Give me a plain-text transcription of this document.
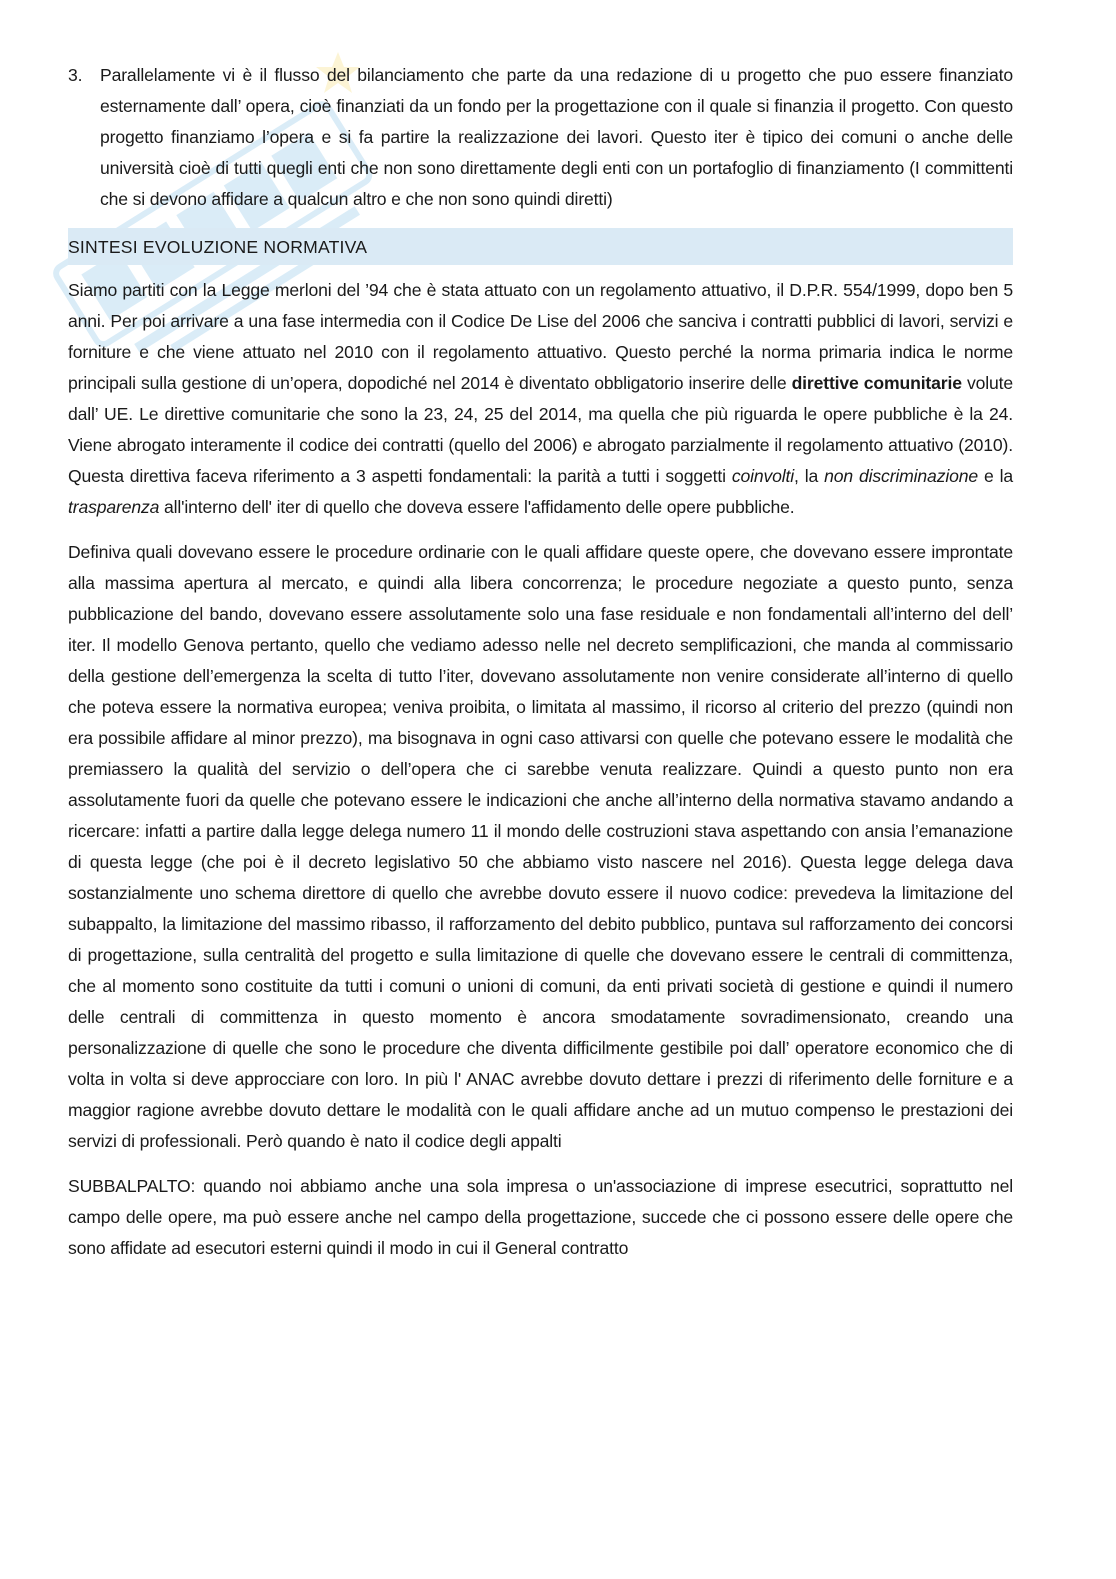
3.	Parallelamente vi è il flusso del bilanciamento che parte da una redazione di u progetto che puo essere finanziato esternamente dall’ opera, cioè finanziati da un fondo per la progettazione con il quale si finanzia il progetto. Con questo progetto finanziamo l’opera e si fa partire la realizzazione dei lavori. Questo iter è tipico dei comuni o anche delle università cioè di tutti quegli enti che non sono direttamente degli enti con un portafoglio di finanziamento (I committenti che si devono affidare a qualcun altro e che non sono quindi diretti)
SINTESI EVOLUZIONE NORMATIVA

Siamo partiti con la Legge merloni del ’94 che è stata attuato con un regolamento attuativo, il D.P.R. 554/1999, dopo ben 5 anni. Per poi arrivare a una fase intermedia con il Codice De Lise del 2006 che sanciva i contratti pubblici di lavori, servizi e forniture e che viene attuato nel 2010 con il regolamento attuativo. Questo perché la norma primaria indica le norme principali sulla gestione di un’opera, dopodiché nel 2014 è diventato obbligatorio inserire delle direttive comunitarie volute dall’ UE. Le direttive comunitarie che sono la 23, 24, 25 del 2014, ma quella che più riguarda le opere pubbliche è la 24. Viene abrogato interamente il codice dei contratti (quello del 2006) e abrogato parzialmente il regolamento attuativo (2010). Questa direttiva faceva riferimento a 3 aspetti fondamentali: la parità a tutti i soggetti coinvolti, la non discriminazione e la trasparenza all'interno dell' iter di quello che doveva essere l'affidamento delle opere pubbliche.

Definiva quali dovevano essere le procedure ordinarie con le quali affidare queste opere, che dovevano essere improntate alla massima apertura al mercato, e quindi alla libera concorrenza; le procedure negoziate a questo punto, senza pubblicazione del bando, dovevano essere assolutamente solo una fase residuale e non fondamentali all’interno del dell’ iter. Il modello Genova pertanto, quello che vediamo adesso nelle nel decreto semplificazioni, che manda al commissario della gestione dell’emergenza la scelta di tutto l’iter, dovevano assolutamente non venire considerate all’interno di quello che poteva essere la normativa europea; veniva proibita, o limitata al massimo, il ricorso al criterio del prezzo (quindi non era possibile affidare al minor prezzo), ma bisognava in ogni caso attivarsi con quelle che potevano essere le modalità che premiassero la qualità del servizio o dell’opera che ci sarebbe venuta realizzare. Quindi a questo punto non era assolutamente fuori da quelle che potevano essere le indicazioni che anche all’interno della normativa stavamo andando a ricercare: infatti a partire dalla legge delega numero 11 il mondo delle costruzioni stava aspettando con ansia l’emanazione di questa legge (che poi è il decreto legislativo 50 che abbiamo visto nascere nel 2016). Questa legge delega dava sostanzialmente uno schema direttore di quello che avrebbe dovuto essere il nuovo codice: prevedeva la limitazione del subappalto, la limitazione del massimo ribasso, il rafforzamento del debito pubblico, puntava sul rafforzamento dei concorsi di progettazione, sulla centralità del progetto e sulla limitazione di quelle che dovevano essere le centrali di committenza, che al momento sono costituite da tutti i comuni o unioni di comuni, da enti privati società di gestione e quindi il numero delle centrali di committenza in questo momento è ancora smodatamente sovradimensionato, creando una personalizzazione di quelle che sono le procedure che diventa difficilmente gestibile poi dall’ operatore economico che di volta in volta si deve approcciare con loro. In più l' ANAC avrebbe dovuto dettare i prezzi di riferimento delle forniture e a maggior ragione avrebbe dovuto dettare le modalità con le quali affidare anche ad un mutuo compenso le prestazioni dei servizi di professionali. Però quando è nato il codice degli appalti

SUBBALPALTO: quando noi abbiamo anche una sola impresa o un'associazione di imprese esecutrici, soprattutto nel campo delle opere, ma può essere anche nel campo della progettazione, succede che ci possono essere delle opere che sono affidate ad esecutori esterni quindi il modo in cui il General contratto
